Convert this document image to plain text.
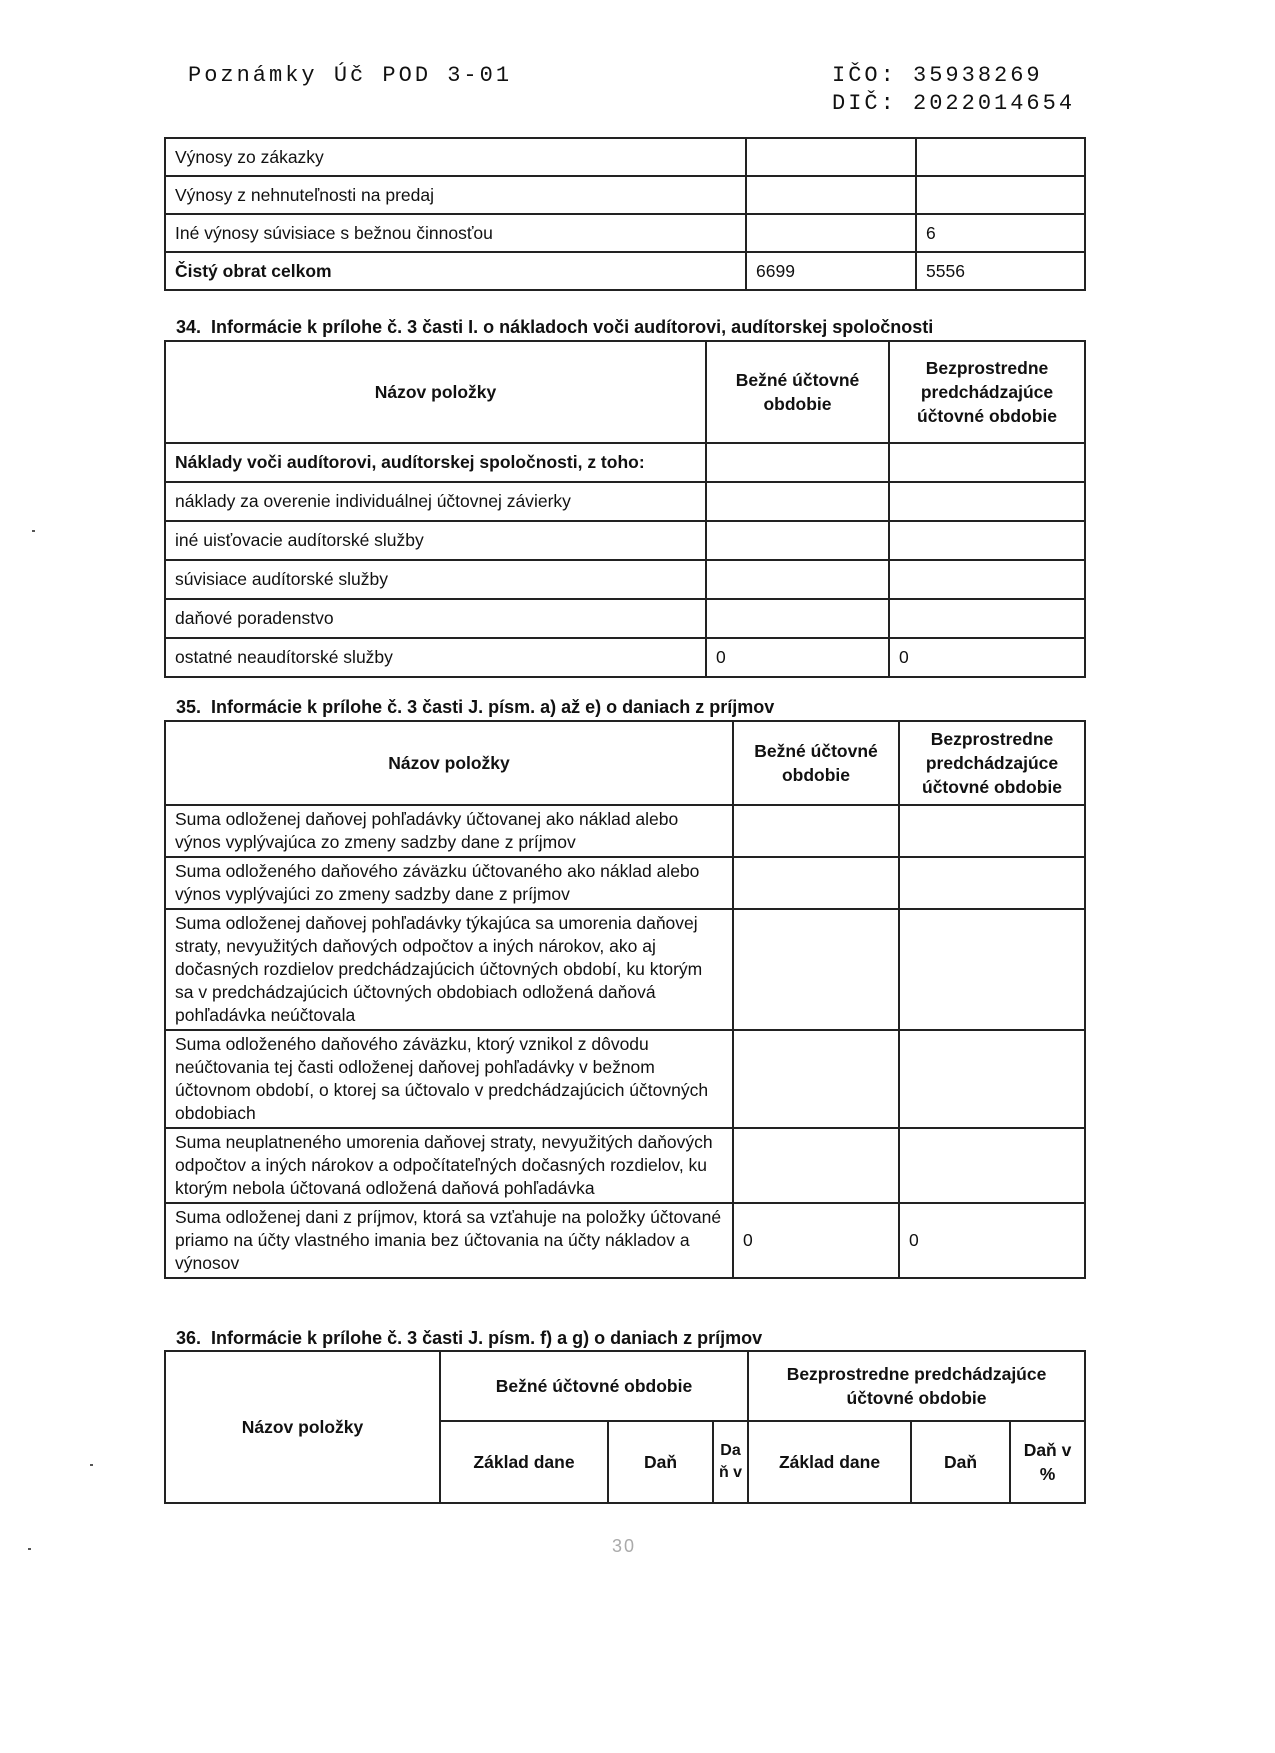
Poznámky Úč POD 3-01	IČO: 35938269
DIČ: 2022014654
Výnosy zo zákazky		
Výnosy z nehnuteľnosti na predaj		
Iné výnosy súvisiace s bežnou činnosťou		6
Čistý obrat celkom	6699	5556
34. Informácie k prílohe č. 3 časti I. o nákladoch voči audítorovi, audítorskej spoločnosti
Názov položky	Bežné účtovné obdobie	Bezprostredne predchádzajúce účtovné obdobie
Náklady voči audítorovi, audítorskej spoločnosti, z toho:		
náklady za overenie individuálnej účtovnej závierky		
iné uisťovacie audítorské služby		
súvisiace audítorské služby		
daňové poradenstvo		
ostatné neaudítorské služby	0	0
35. Informácie k prílohe č. 3 časti J. písm. a) až e) o daniach z príjmov
Názov položky	Bežné účtovné obdobie	Bezprostredne predchádzajúce účtovné obdobie
Suma odloženej daňovej pohľadávky účtovanej ako náklad alebo výnos vyplývajúca zo zmeny sadzby dane z príjmov		
Suma odloženého daňového záväzku účtovaného ako náklad alebo výnos vyplývajúci zo zmeny sadzby dane z príjmov		
Suma odloženej daňovej pohľadávky týkajúca sa umorenia daňovej straty, nevyužitých daňových odpočtov a iných nárokov, ako aj dočasných rozdielov predchádzajúcich účtovných období, ku ktorým sa v predchádzajúcich účtovných obdobiach odložená daňová pohľadávka neúčtovala		
Suma odloženého daňového záväzku, ktorý vznikol z dôvodu neúčtovania tej časti odloženej daňovej pohľadávky v bežnom účtovnom období, o ktorej sa účtovalo v predchádzajúcich účtovných obdobiach		
Suma neuplatneného umorenia daňovej straty, nevyužitých daňových odpočtov a iných nárokov a odpočítateľných dočasných rozdielov, ku ktorým nebola účtovaná odložená daňová pohľadávka		
Suma odloženej dani z príjmov, ktorá sa vzťahuje na položky účtované priamo na účty vlastného imania bez účtovania na účty nákladov a výnosov	0	0
36. Informácie k prílohe č. 3 časti J. písm. f) a g) o daniach z príjmov
Názov položky	Bežné účtovné obdobie			Bezprostredne predchádzajúce účtovné obdobie		
	Základ dane	Daň	Daň v	Základ dane	Daň	Daň v %
30
